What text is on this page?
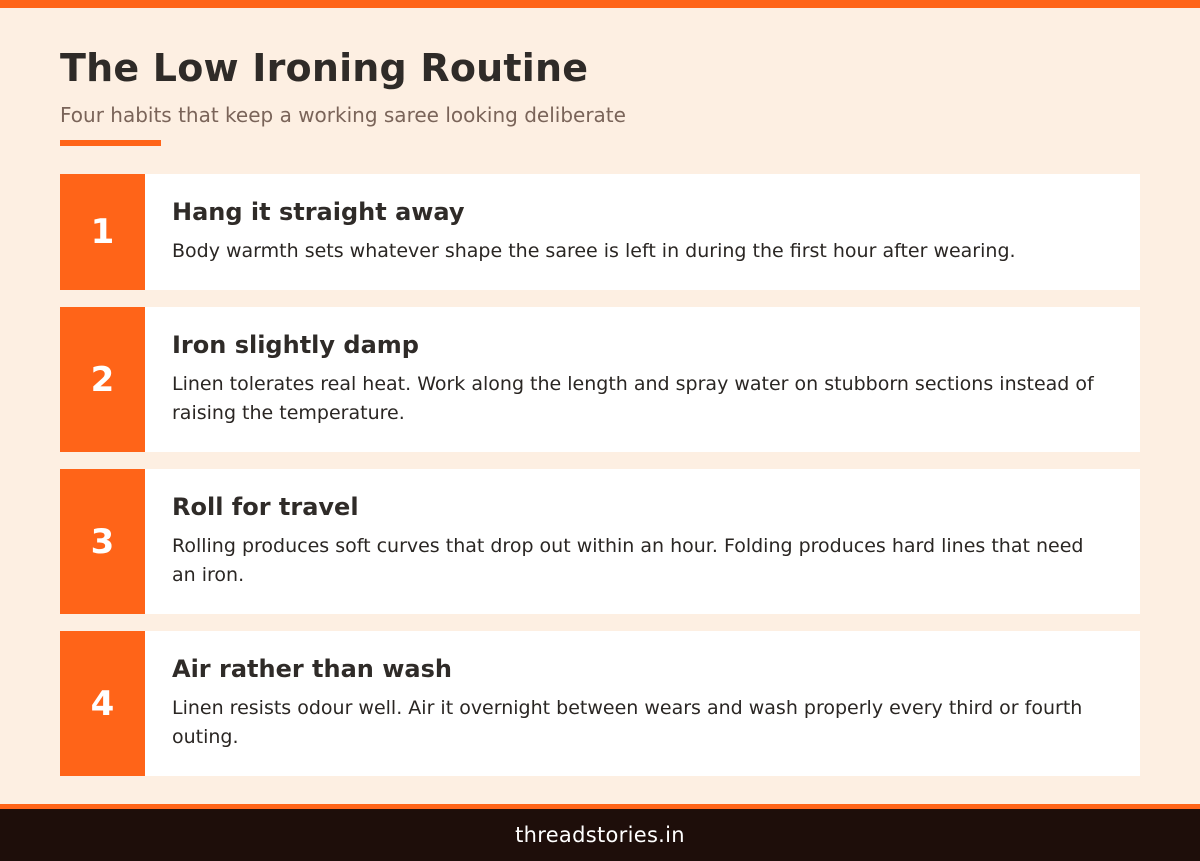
The Low Ironing Routine

Four habits that keep a working saree looking deliberate

1	Hang it straight away

Body warmth sets whatever shape the saree is left in during the first hour after wearing.

2
Iron slightly damp

Linen tolerates real heat. Work along the length and spray water on stubborn sections instead of raising the temperature.

3
Roll for travel

Rolling produces soft curves that drop out within an hour. Folding produces hard lines that need an iron.

4
Air rather than wash

Linen resists odour well. Air it overnight between wears and wash properly every third or fourth outing.

threadstories.in
